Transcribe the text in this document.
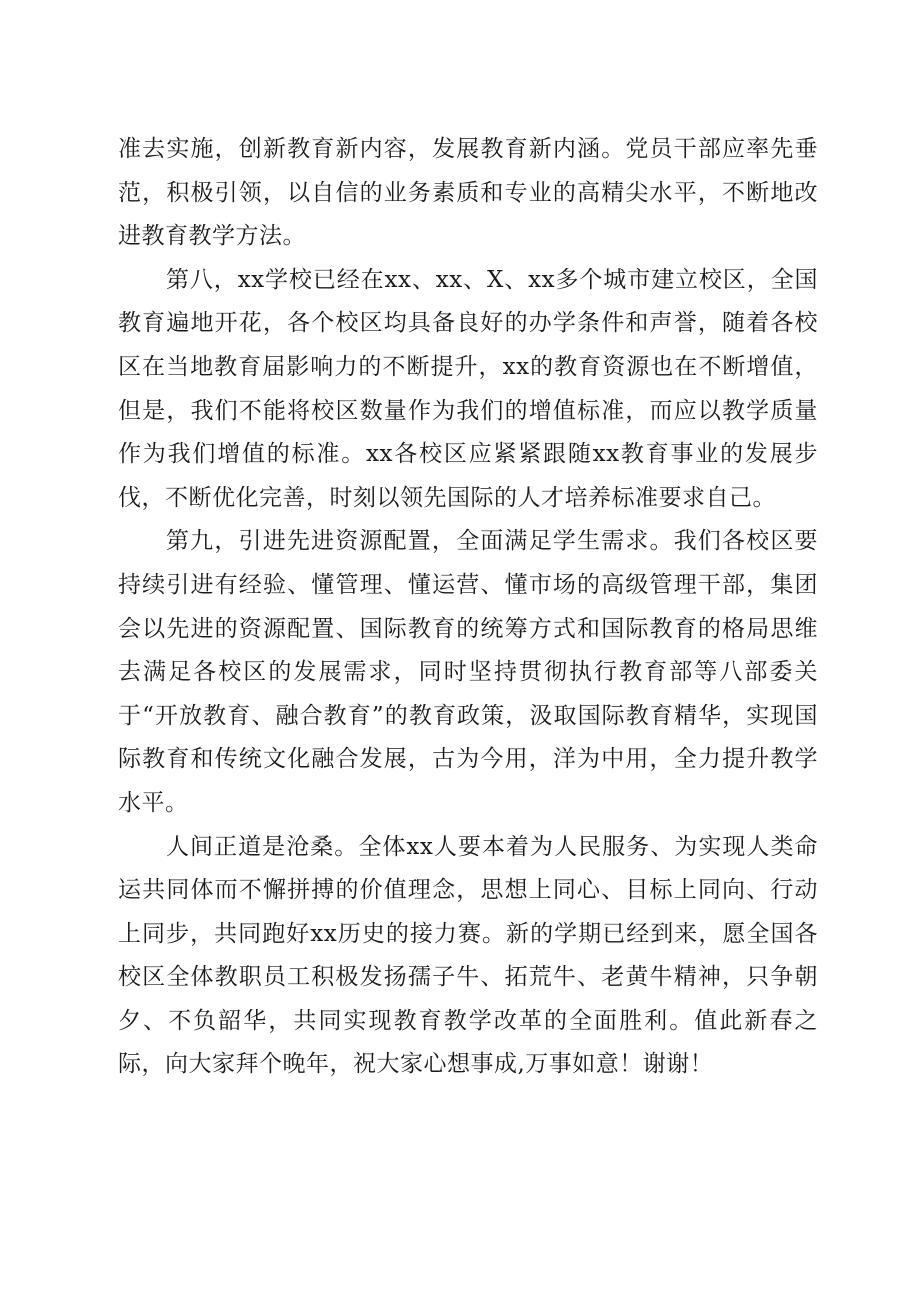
准去实施，创新教育新内容，发展教育新内涵。党员干部应率先垂范，积极引领，以自信的业务素质和专业的高精尖水平，不断地改进教育教学方法。

第八，xx学校已经在xx、xx、X、xx多个城市建立校区，全国教育遍地开花，各个校区均具备良好的办学条件和声誉，随着各校区在当地教育届影响力的不断提升，xx的教育资源也在不断增值，但是，我们不能将校区数量作为我们的增值标准，而应以教学质量作为我们增值的标准。xx各校区应紧紧跟随xx教育事业的发展步伐，不断优化完善，时刻以领先国际的人才培养标准要求自己。

第九，引进先进资源配置，全面满足学生需求。我们各校区要持续引进有经验、懂管理、懂运营、懂市场的高级管理干部，集团会以先进的资源配置、国际教育的统筹方式和国际教育的格局思维去满足各校区的发展需求，同时坚持贯彻执行教育部等八部委关于“开放教育、融合教育”的教育政策，汲取国际教育精华，实现国际教育和传统文化融合发展，古为今用，洋为中用，全力提升教学水平。

人间正道是沧桑。全体xx人要本着为人民服务、为实现人类命运共同体而不懈拼搏的价值理念，思想上同心、目标上同向、行动上同步，共同跑好xx历史的接力赛。新的学期已经到来，愿全国各校区全体教职员工积极发扬孺子牛、拓荒牛、老黄牛精神，只争朝夕、不负韶华，共同实现教育教学改革的全面胜利。值此新春之际，向大家拜个晚年，祝大家心想事成,万事如意！谢谢！
